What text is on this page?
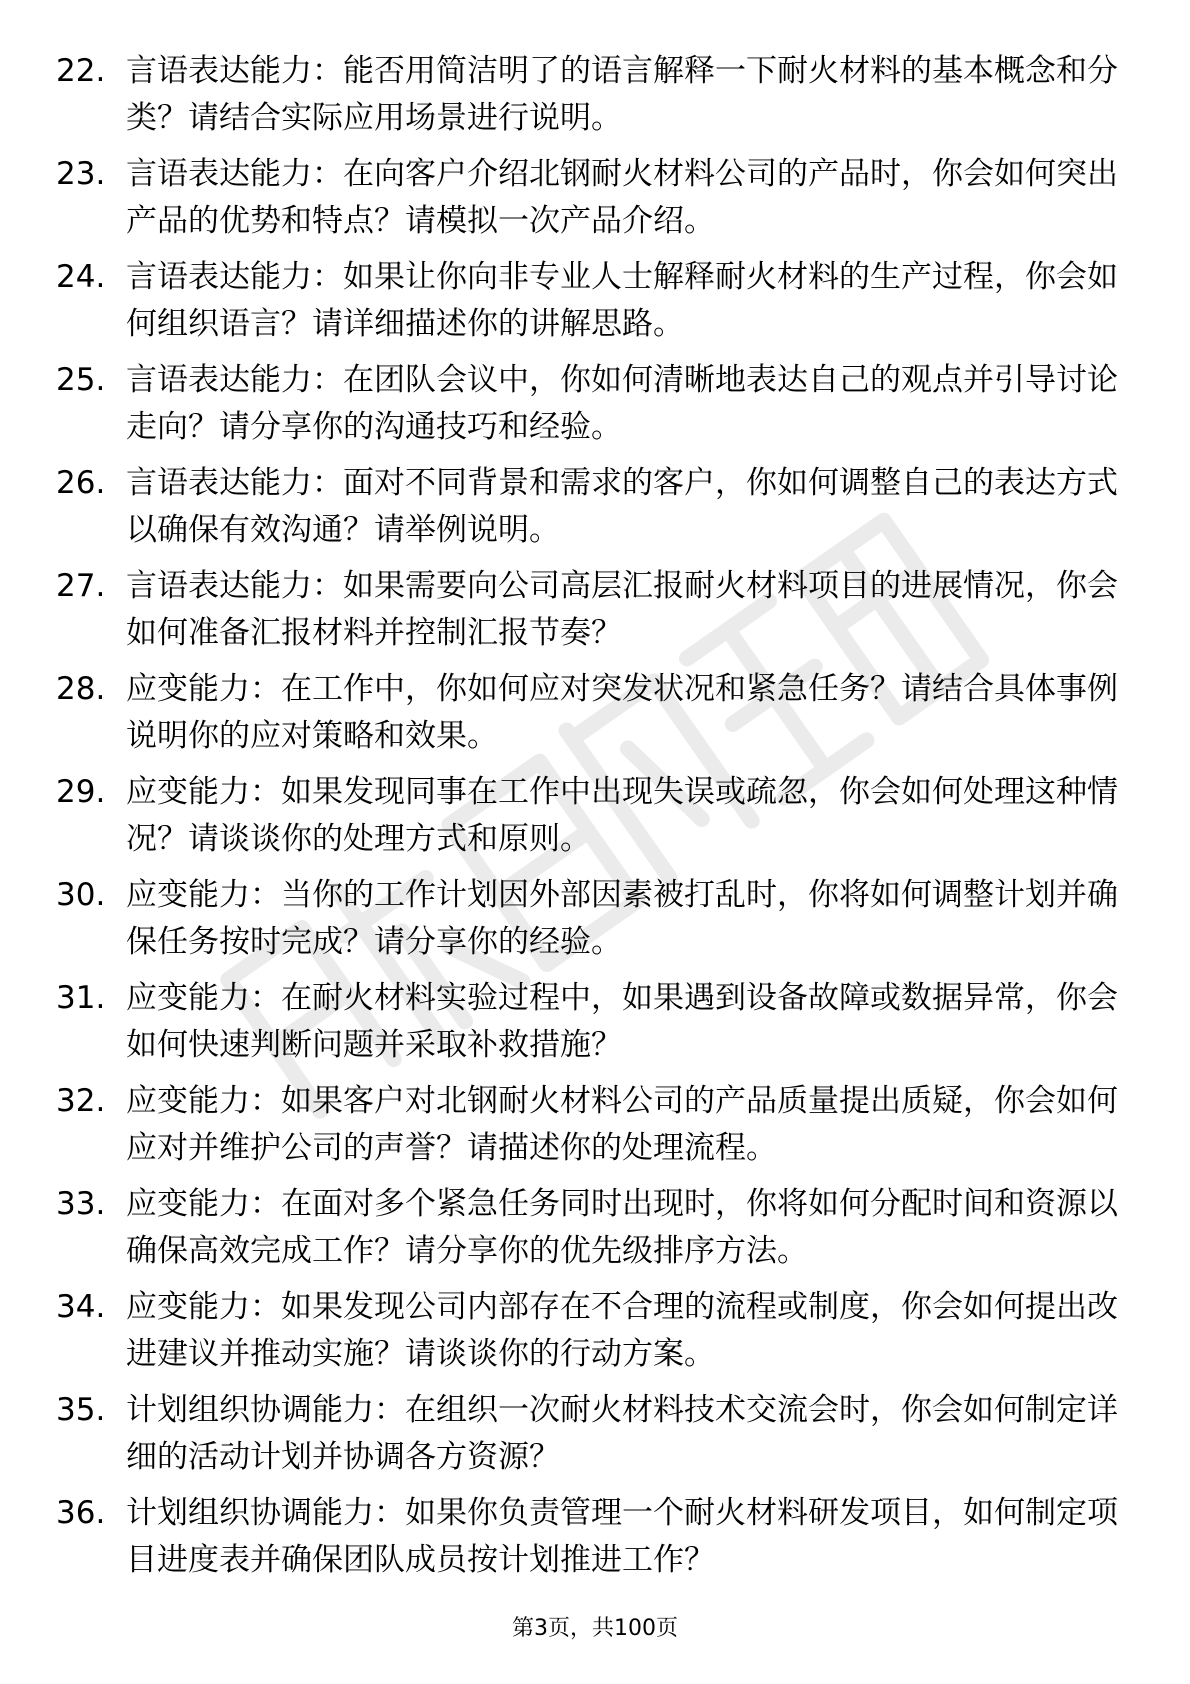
22. 言语表达能力：能否用简洁明了的语言解释一下耐火材料的基本概念和分类？请结合实际应用场景进行说明。
23. 言语表达能力：在向客户介绍北钢耐火材料公司的产品时，你会如何突出产品的优势和特点？请模拟一次产品介绍。
24. 言语表达能力：如果让你向非专业人士解释耐火材料的生产过程，你会如何组织语言？请详细描述你的讲解思路。
25. 言语表达能力：在团队会议中，你如何清晰地表达自己的观点并引导讨论走向？请分享你的沟通技巧和经验。
26. 言语表达能力：面对不同背景和需求的客户，你如何调整自己的表达方式以确保有效沟通？请举例说明。
27. 言语表达能力：如果需要向公司高层汇报耐火材料项目的进展情况，你会如何准备汇报材料并控制汇报节奏？
28. 应变能力：在工作中，你如何应对突发状况和紧急任务？请结合具体事例说明你的应对策略和效果。
29. 应变能力：如果发现同事在工作中出现失误或疏忽，你会如何处理这种情况？请谈谈你的处理方式和原则。
30. 应变能力：当你的工作计划因外部因素被打乱时，你将如何调整计划并确保任务按时完成？请分享你的经验。
31. 应变能力：在耐火材料实验过程中，如果遇到设备故障或数据异常，你会如何快速判断问题并采取补救措施？
32. 应变能力：如果客户对北钢耐火材料公司的产品质量提出质疑，你会如何应对并维护公司的声誉？请描述你的处理流程。
33. 应变能力：在面对多个紧急任务同时出现时，你将如何分配时间和资源以确保高效完成工作？请分享你的优先级排序方法。
34. 应变能力：如果发现公司内部存在不合理的流程或制度，你会如何提出改进建议并推动实施？请谈谈你的行动方案。
35. 计划组织协调能力：在组织一次耐火材料技术交流会时，你会如何制定详细的活动计划并协调各方资源？
36. 计划组织协调能力：如果你负责管理一个耐火材料研发项目，如何制定项目进度表并确保团队成员按计划推进工作？
第3页，共100页
